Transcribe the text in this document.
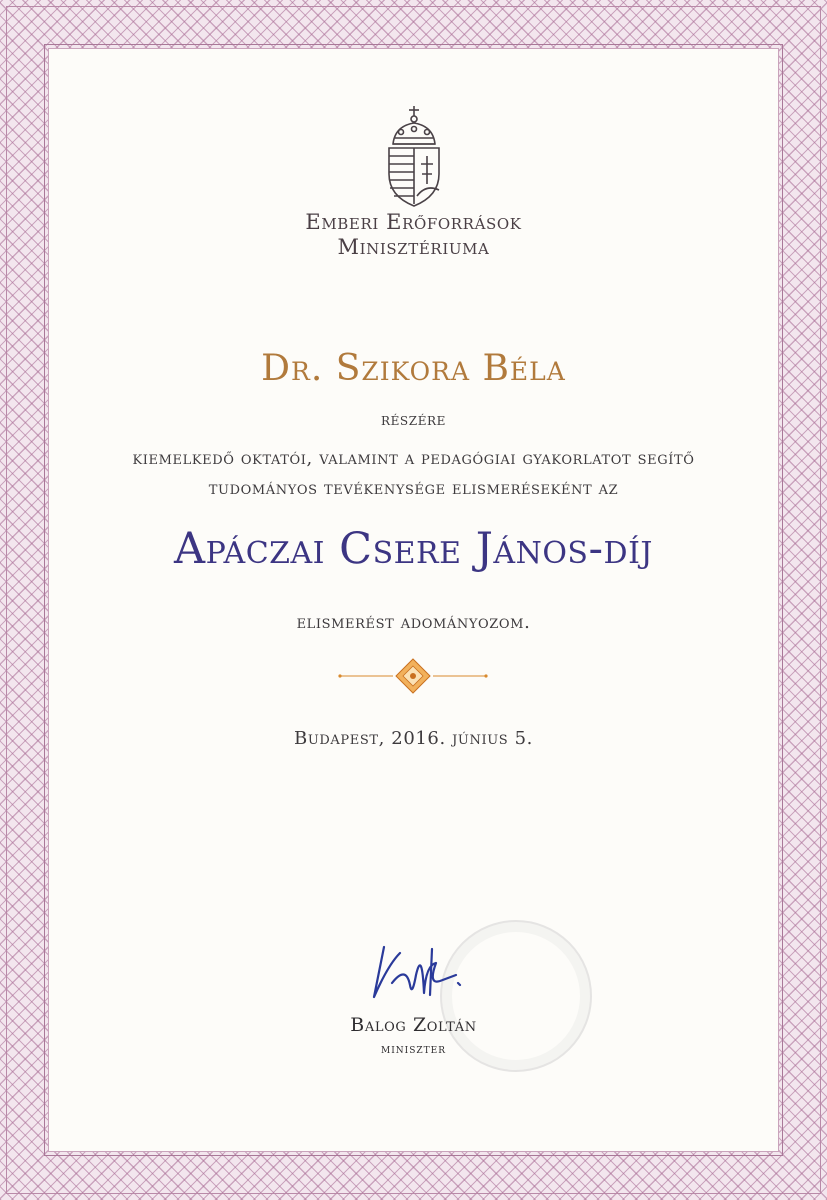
Emberi Erőforrások
Minisztériuma
Dr. Szikora Béla
részére
kiemelkedő oktatói, valamint a pedagógiai gyakorlatot segítő
tudományos tevékenysége elismeréseként az
Apáczai Csere János-díj
elismerést adományozom.
Budapest, 2016. június 5.
Balog Zoltán
miniszter
